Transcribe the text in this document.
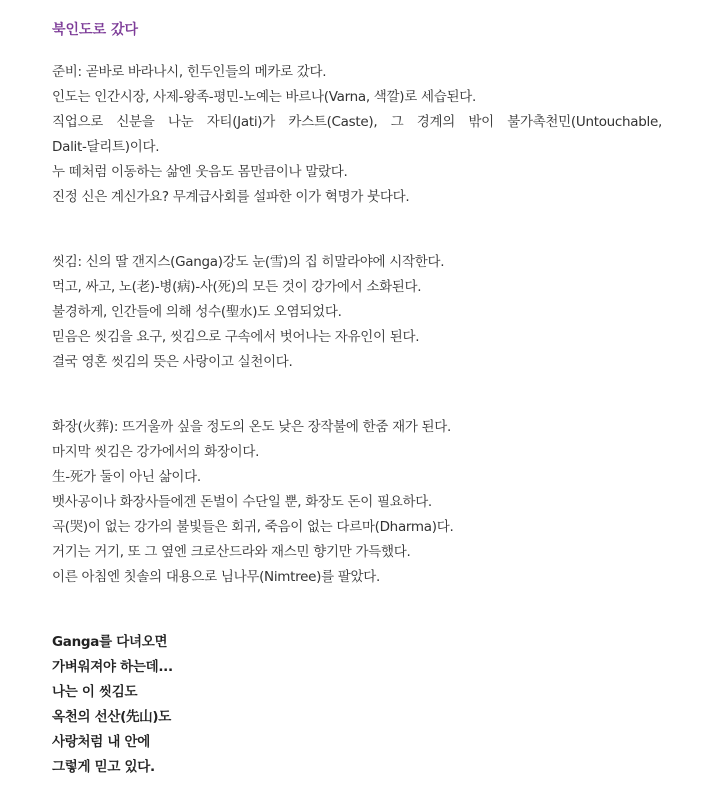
북인도로 갔다
준비: 곧바로 바라나시, 힌두인들의 메카로 갔다.
인도는 인간시장, 사제-왕족-평민-노예는 바르나(Varna, 색깔)로 세습된다.
직업으로 신분을 나눈 자티(Jati)가 카스트(Caste), 그 경계의 밖이 불가촉천민(Untouchable,
Dalit-달리트)이다.
누 떼처럼 이동하는 삶엔 웃음도 몸만큼이나 말랐다.
진정 신은 계신가요? 무계급사회를 설파한 이가 혁명가 붓다다.
씻김: 신의 딸 갠지스(Ganga)강도 눈(雪)의 집 히말라야에 시작한다.
먹고, 싸고, 노(老)-병(病)-사(死)의 모든 것이 강가에서 소화된다.
불경하게, 인간들에 의해 성수(聖水)도 오염되었다.
믿음은 씻김을 요구, 씻김으로 구속에서 벗어나는 자유인이 된다.
결국 영혼 씻김의 뜻은 사랑이고 실천이다.
화장(火葬): 뜨거울까 싶을 정도의 온도 낮은 장작불에 한줌 재가 된다.
마지막 씻김은 강가에서의 화장이다.
生-死가 둘이 아닌 삶이다.
뱃사공이나 화장사들에겐 돈벌이 수단일 뿐, 화장도 돈이 필요하다.
곡(哭)이 없는 강가의 불빛들은 회귀, 죽음이 없는 다르마(Dharma)다.
거기는 거기, 또 그 옆엔 크로산드라와 재스민 향기만 가득했다.
이른 아침엔 칫솔의 대용으로 님나무(Nimtree)를 팔았다.
Ganga를 다녀오면
가벼워져야 하는데...
나는 이 씻김도
옥천의 선산(先山)도
사랑처럼 내 안에
그렇게 믿고 있다.
